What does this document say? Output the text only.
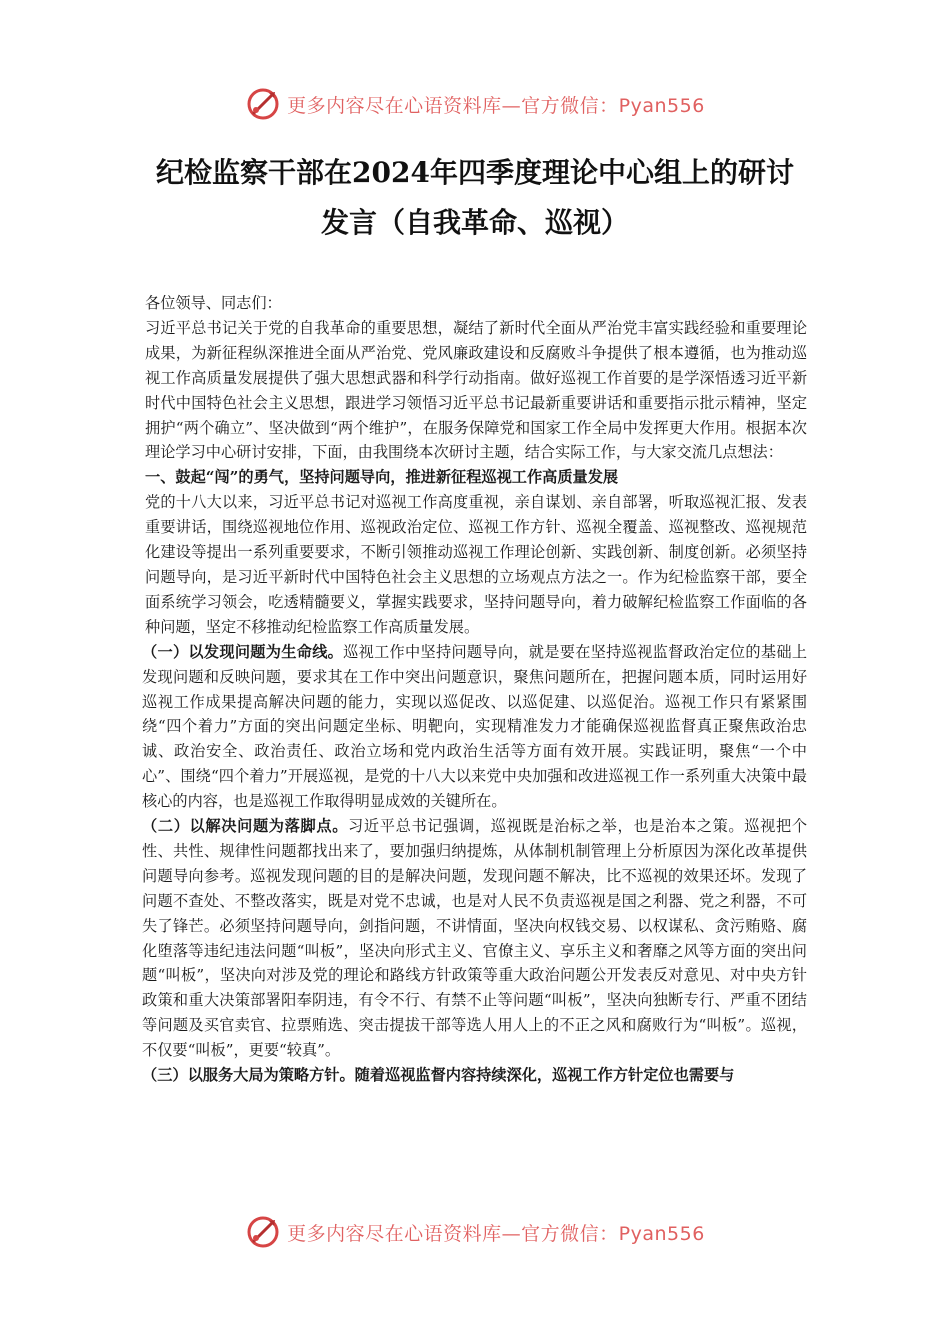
更多内容尽在心语资料库—官方微信：Pyan556
纪检监察干部在2024年四季度理论中心组上的研讨
发言（自我革命、巡视）

各位领导、同志们：

习近平总书记关于党的自我革命的重要思想，凝结了新时代全面从严治党丰富实践经验和重要理论成果，为新征程纵深推进全面从严治党、党风廉政建设和反腐败斗争提供了根本遵循，也为推动巡视工作高质量发展提供了强大思想武器和科学行动指南。做好巡视工作首要的是学深悟透习近平新时代中国特色社会主义思想，跟进学习领悟习近平总书记最新重要讲话和重要指示批示精神，坚定拥护“两个确立”、坚决做到“两个维护”，在服务保障党和国家工作全局中发挥更大作用。根据本次理论学习中心研讨安排，下面，由我围绕本次研讨主题，结合实际工作，与大家交流几点想法：

一、鼓起“闯”的勇气，坚持问题导向，推进新征程巡视工作高质量发展

党的十八大以来，习近平总书记对巡视工作高度重视，亲自谋划、亲自部署，听取巡视汇报、发表重要讲话，围绕巡视地位作用、巡视政治定位、巡视工作方针、巡视全覆盖、巡视整改、巡视规范化建设等提出一系列重要要求，不断引领推动巡视工作理论创新、实践创新、制度创新。必须坚持问题导向，是习近平新时代中国特色社会主义思想的立场观点方法之一。作为纪检监察干部，要全面系统学习领会，吃透精髓要义，掌握实践要求，坚持问题导向，着力破解纪检监察工作面临的各种问题，坚定不移推动纪检监察工作高质量发展。

（一）以发现问题为生命线。巡视工作中坚持问题导向，就是要在坚持巡视监督政治定位的基础上发现问题和反映问题，要求其在工作中突出问题意识，聚焦问题所在，把握问题本质，同时运用好巡视工作成果提高解决问题的能力，实现以巡促改、以巡促建、以巡促治。巡视工作只有紧紧围绕“四个着力”方面的突出问题定坐标、明靶向，实现精准发力才能确保巡视监督真正聚焦政治忠诚、政治安全、政治责任、政治立场和党内政治生活等方面有效开展。实践证明，聚焦“一个中心”、围绕“四个着力”开展巡视，是党的十八大以来党中央加强和改进巡视工作一系列重大决策中最核心的内容，也是巡视工作取得明显成效的关键所在。

（二）以解决问题为落脚点。习近平总书记强调，巡视既是治标之举，也是治本之策。巡视把个性、共性、规律性问题都找出来了，要加强归纳提炼，从体制机制管理上分析原因为深化改革提供问题导向参考。巡视发现问题的目的是解决问题，发现问题不解决，比不巡视的效果还坏。发现了问题不查处、不整改落实，既是对党不忠诚，也是对人民不负责巡视是国之利器、党之利器，不可失了锋芒。必须坚持问题导向，剑指问题，不讲情面，坚决向权钱交易、以权谋私、贪污贿赂、腐化堕落等违纪违法问题“叫板”，坚决向形式主义、官僚主义、享乐主义和奢靡之风等方面的突出问题“叫板”，坚决向对涉及党的理论和路线方针政策等重大政治问题公开发表反对意见、对中央方针政策和重大决策部署阳奉阴违，有令不行、有禁不止等问题“叫板”，坚决向独断专行、严重不团结等问题及买官卖官、拉票贿选、突击提拔干部等选人用人上的不正之风和腐败行为“叫板”。巡视，不仅要“叫板”，更要“较真”。

（三）以服务大局为策略方针。随着巡视监督内容持续深化，巡视工作方针定位也需要与

更多内容尽在心语资料库—官方微信：Pyan556
